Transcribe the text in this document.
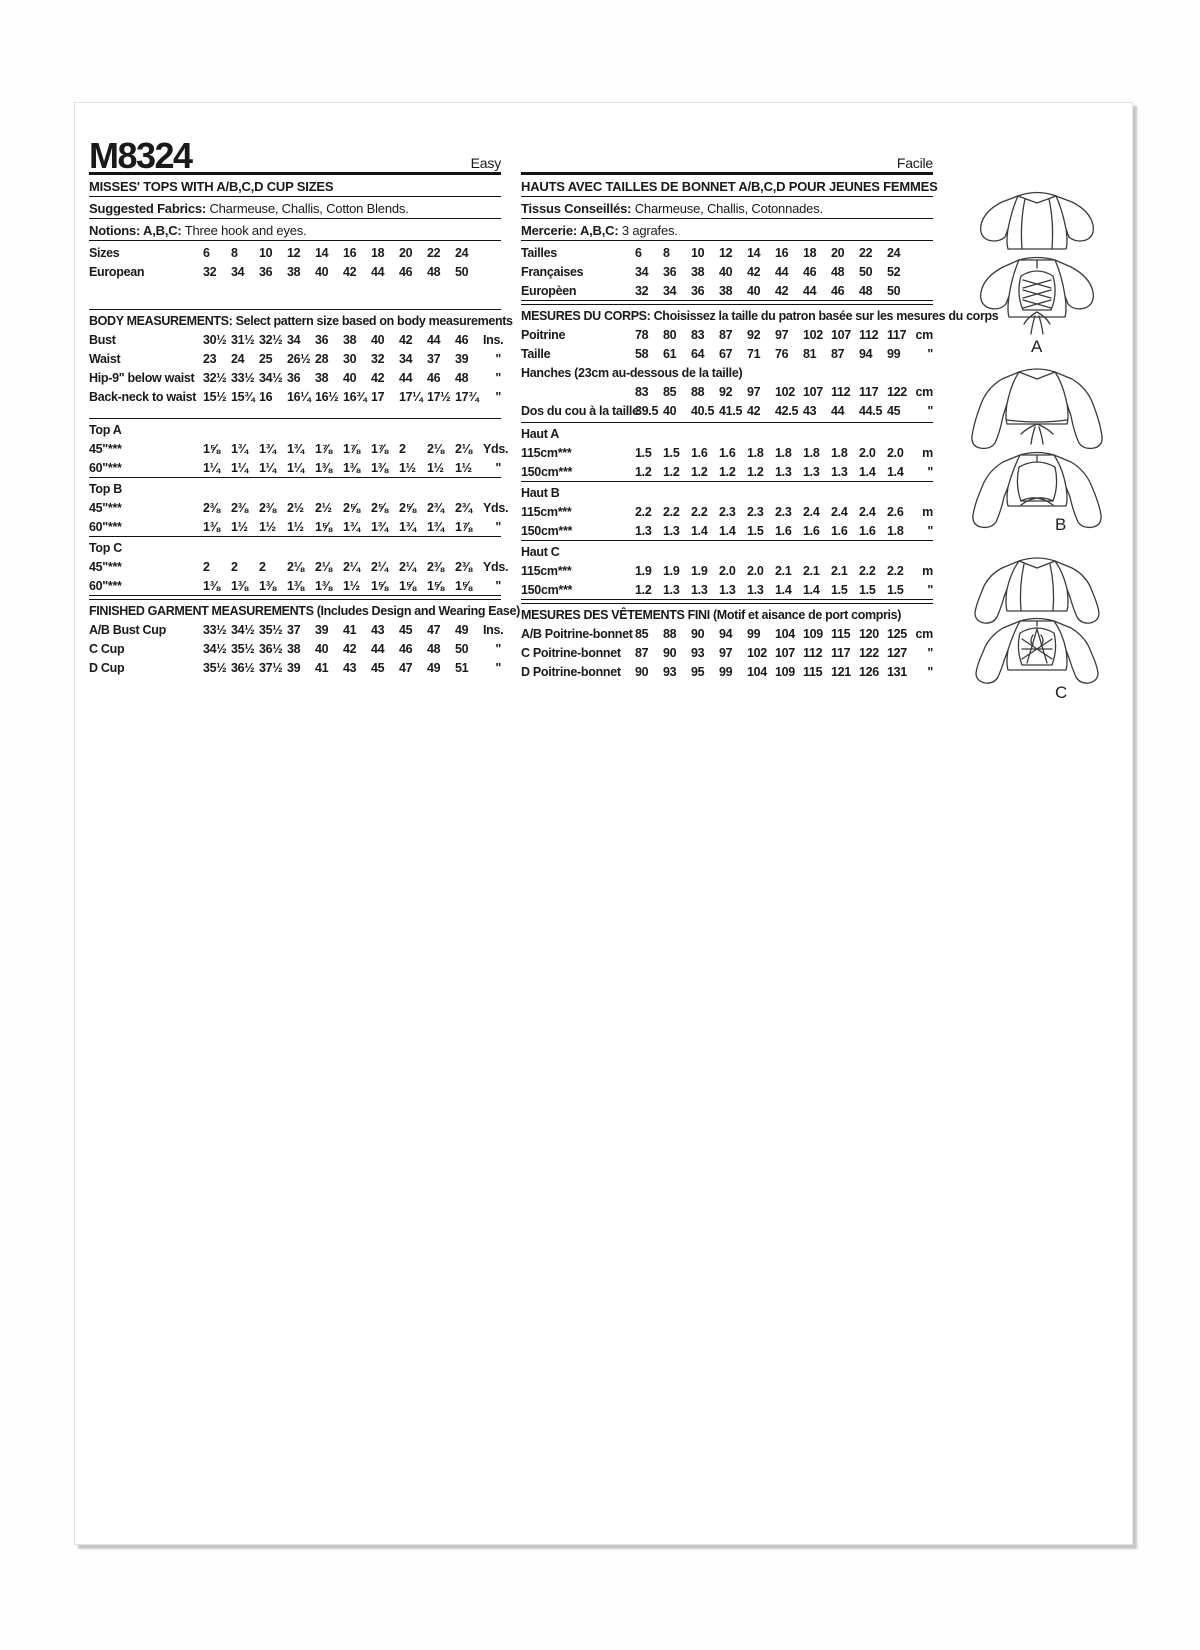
M8324	Easy
MISSES' TOPS WITH A/B,C,D CUP SIZES
Suggested Fabrics: Charmeuse, Challis, Cotton Blends.
Notions: A,B,C: Three hook and eyes.
Sizes	6	8	10	12	14	16	18	20	22	24
European	32	34	36	38	40	42	44	46	48	50
BODY MEASUREMENTS: Select pattern size based on body measurements
Bust	30½ 31½ 32½ 34	36	38	40	42	44	46	Ins.
Waist	23	24	25	26½ 28	30	32	34	37	39	"
Hip-9" below waist 32½ 33½ 34½ 36	38	40	42	44	46	48	"
Back-neck to waist 15½ 15¾ 16	16¼ 16½ 16¾ 17	17¼ 17½ 17¾	"
Top A
45"***	1⅝ 1¾ 1¾ 1¾ 1⅞ 1⅞ 1⅞ 2	2⅛ 2⅛ Yds.
60"***	1¼ 1¼ 1¼ 1¼ 1⅜ 1⅜ 1⅜ 1½ 1½ 1½	"
Top B
45"***	2⅜ 2⅜ 2⅜ 2½ 2½ 2⅝ 2⅝ 2⅝ 2¾ 2¾ Yds.
60"***	1⅜ 1½ 1½ 1½ 1⅝ 1¾ 1¾ 1¾ 1¾ 1⅞	"
Top C
45"***	2	2	2	2⅛ 2⅛ 2¼ 2¼ 2¼ 2⅜ 2⅜ Yds.
60"***	1⅜ 1⅜ 1⅜ 1⅜ 1⅜ 1½ 1⅝ 1⅝ 1⅝ 1⅝	"
FINISHED GARMENT MEASUREMENTS (Includes Design and Wearing Ease)
A/B Bust Cup	33½ 34½ 35½ 37	39	41	43	45	47	49	Ins.
C Cup	34½ 35½ 36½ 38	40	42	44	46	48	50	"
D Cup	35½ 36½ 37½ 39	41	43	45	47	49	51	"
Facile
HAUTS AVEC TAILLES DE BONNET A/B,C,D POUR JEUNES FEMMES
Tissus Conseillés: Charmeuse, Challis, Cotonnades.
Mercerie: A,B,C: 3 agrafes.
Tailles	6	8	10	12	14	16	18	20	22	24
Françaises	34	36	38	40	42	44	46	48	50	52
Europèen	32	34	36	38	40	42	44	46	48	50
MESURES DU CORPS: Choisissez la taille du patron basée sur les mesures du corps
Poitrine	78	80	83	87	92	97	102 107 112 117 cm
Taille	58	61	64	67	71	76	81	87	94	99	"
Hanches (23cm au-dessous de la taille)
83	85	88	92	97	102 107 112 117 122 cm
Dos du cou à la taille
39.5 40	40.5 41.5 42	42.5 43	44	44.5 45	"
Haut A
115cm***	1.5 1.5 1.6 1.6 1.8 1.8 1.8 1.8 2.0 2.0	m
150cm***	1.2 1.2 1.2 1.2 1.2 1.3 1.3 1.3 1.4 1.4	"
Haut B
115cm***	2.2 2.2 2.2 2.3 2.3 2.3 2.4 2.4 2.4 2.6	m
150cm***	1.3 1.3 1.4 1.4 1.5 1.6 1.6 1.6 1.6 1.8	"
Haut C
115cm***	1.9 1.9 1.9 2.0 2.0 2.1 2.1 2.1 2.2 2.2	m
150cm***	1.2 1.3 1.3 1.3 1.3 1.4 1.4 1.5 1.5 1.5	"
MESURES DES VÊTEMENTS FINI (Motif et aisance de port compris)
A/B Poitrine-bonnet 85	88	90	94	99	104 109 115 120 125 cm
C Poitrine-bonnet	87	90	93	97	102 107 112 117 122 127	"
D Poitrine-bonnet	90	93	95	99	104 109 115 121 126 131	"
A
B
C
